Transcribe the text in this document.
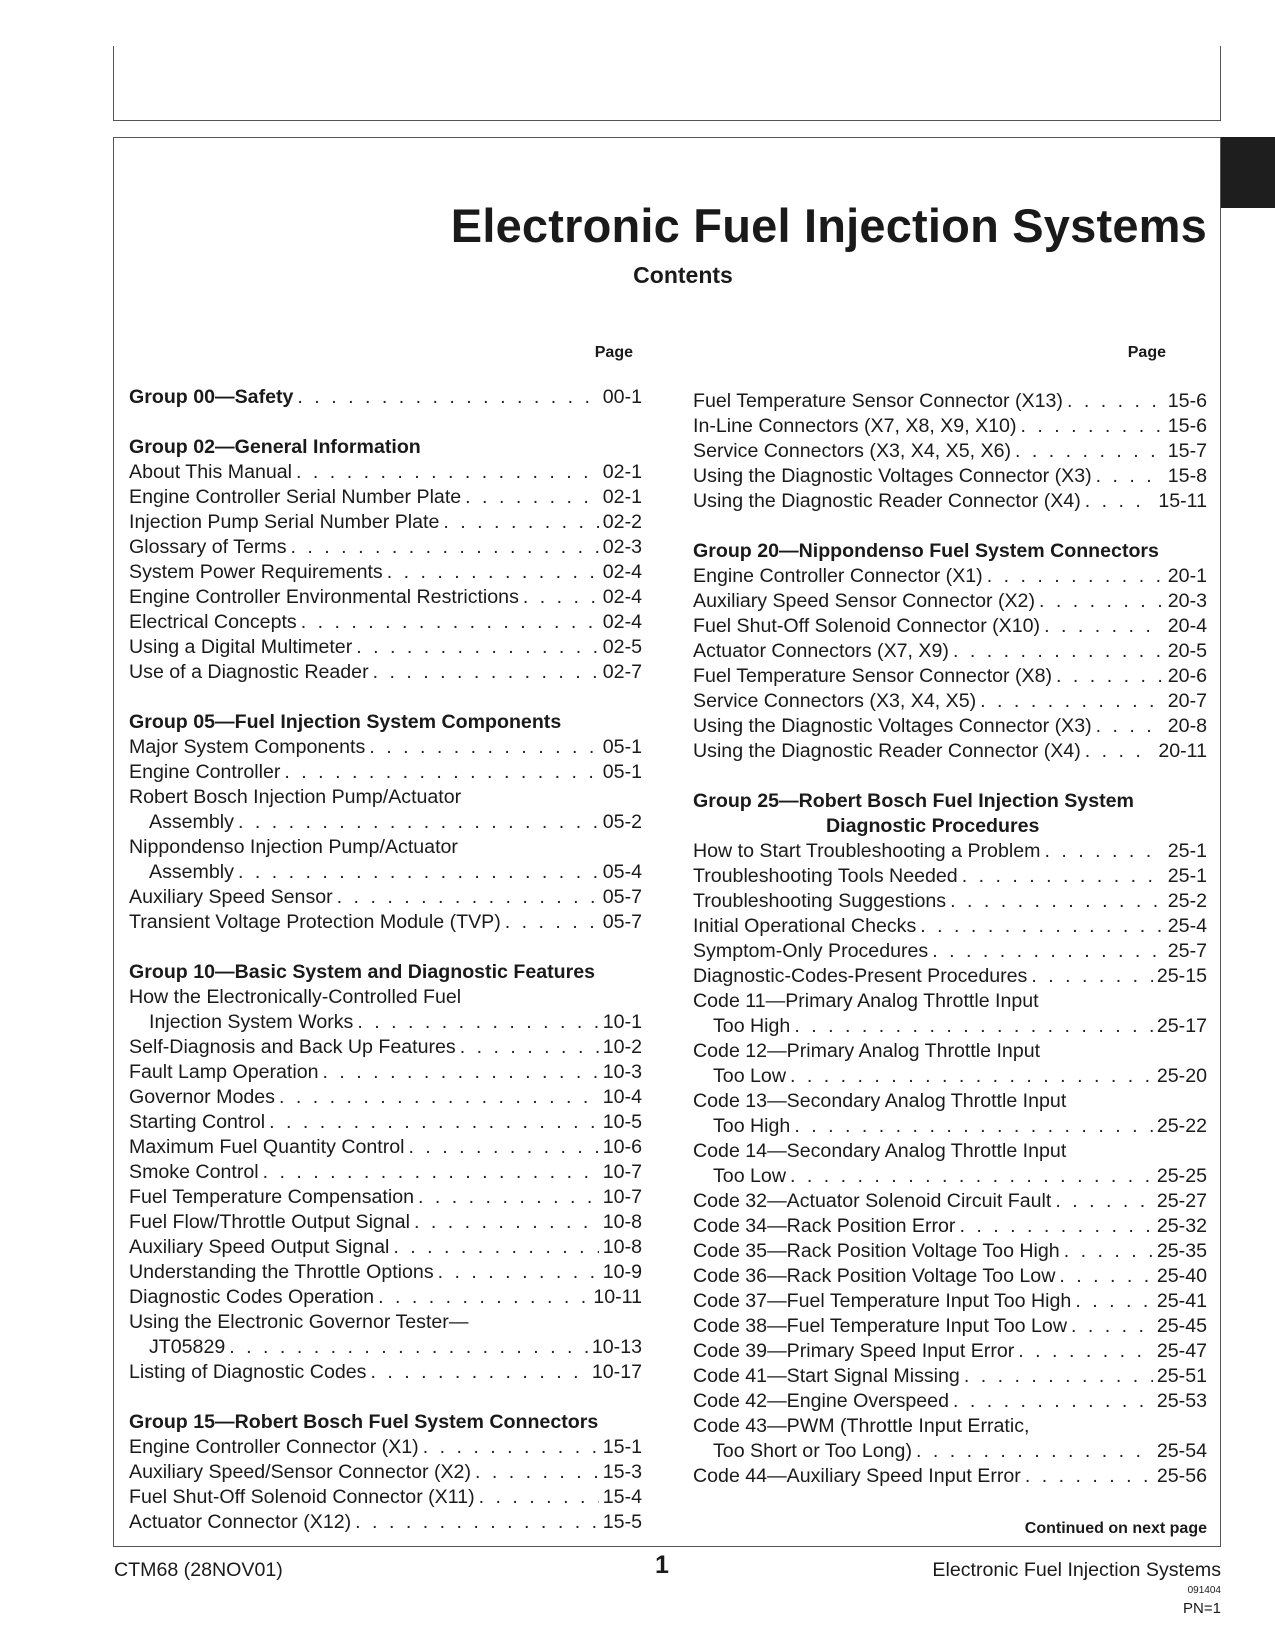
Electronic Fuel Injection Systems
Contents
Page	Page
Group 00—Safety . . .	00-1
Group 02—General Information
About This Manual . . .	02-1
Engine Controller Serial Number Plate . . .	02-1
Injection Pump Serial Number Plate . . .	02-2
Glossary of Terms . . .	02-3
System Power Requirements . . .	02-4
Engine Controller Environmental Restrictions . . .	02-4
Electrical Concepts . . .	02-4
Using a Digital Multimeter . . .	02-5
Use of a Diagnostic Reader . . .	02-7
Group 05—Fuel Injection System Components
Major System Components . . .	05-1
Engine Controller . . .	05-1
Robert Bosch Injection Pump/Actuator
Assembly . . .	05-2
Nippondenso Injection Pump/Actuator
Assembly . . .	05-4
Auxiliary Speed Sensor . . .	05-7
Transient Voltage Protection Module (TVP) . . .	05-7
Group 10—Basic System and Diagnostic Features
How the Electronically-Controlled Fuel
Injection System Works . . .	10-1
Self-Diagnosis and Back Up Features . . .	10-2
Fault Lamp Operation . . .	10-3
Governor Modes . . .	10-4
Starting Control . . .	10-5
Maximum Fuel Quantity Control . . .	10-6
Smoke Control . . .	10-7
Fuel Temperature Compensation . . .	10-7
Fuel Flow/Throttle Output Signal . . .	10-8
Auxiliary Speed Output Signal . . .	10-8
Understanding the Throttle Options . . .	10-9
Diagnostic Codes Operation . . .	10-11
Using the Electronic Governor Tester—
JT05829 . . .	10-13
Listing of Diagnostic Codes . . .	10-17
Group 15—Robert Bosch Fuel System Connectors
Engine Controller Connector (X1) . . .	15-1
Auxiliary Speed/Sensor Connector (X2) . . .	15-3
Fuel Shut-Off Solenoid Connector (X11) . . .	15-4
Actuator Connector (X12) . . .	15-5
Fuel Temperature Sensor Connector (X13) . . .	15-6
In-Line Connectors (X7, X8, X9, X10) . . .	15-6
Service Connectors (X3, X4, X5, X6) . . .	15-7
Using the Diagnostic Voltages Connector (X3) . . .	15-8
Using the Diagnostic Reader Connector (X4) . . .	15-11
Group 20—Nippondenso Fuel System Connectors
Engine Controller Connector (X1) . . .	20-1
Auxiliary Speed Sensor Connector (X2) . . .	20-3
Fuel Shut-Off Solenoid Connector (X10) . . .	20-4
Actuator Connectors (X7, X9) . . .	20-5
Fuel Temperature Sensor Connector (X8) . . .	20-6
Service Connectors (X3, X4, X5) . . .	20-7
Using the Diagnostic Voltages Connector (X3) . . .	20-8
Using the Diagnostic Reader Connector (X4) . . .	20-11
Group 25—Robert Bosch Fuel Injection System
Diagnostic Procedures
How to Start Troubleshooting a Problem . . .	25-1
Troubleshooting Tools Needed . . .	25-1
Troubleshooting Suggestions . . .	25-2
Initial Operational Checks . . .	25-4
Symptom-Only Procedures . . .	25-7
Diagnostic-Codes-Present Procedures . . .	25-15
Code 11—Primary Analog Throttle Input
Too High . . .	25-17
Code 12—Primary Analog Throttle Input
Too Low . . .	25-20
Code 13—Secondary Analog Throttle Input
Too High . . .	25-22
Code 14—Secondary Analog Throttle Input
Too Low . . .	25-25
Code 32—Actuator Solenoid Circuit Fault . . .	25-27
Code 34—Rack Position Error . . .	25-32
Code 35—Rack Position Voltage Too High . . .	25-35
Code 36—Rack Position Voltage Too Low . . .	25-40
Code 37—Fuel Temperature Input Too High . . .	25-41
Code 38—Fuel Temperature Input Too Low . . .	25-45
Code 39—Primary Speed Input Error . . .	25-47
Code 41—Start Signal Missing . . .	25-51
Code 42—Engine Overspeed . . .	25-53
Code 43—PWM (Throttle Input Erratic,
Too Short or Too Long) . . .	25-54
Code 44—Auxiliary Speed Input Error . . .	25-56
Continued on next page
CTM68 (28NOV01)	1	Electronic Fuel Injection Systems
091404
PN=1
